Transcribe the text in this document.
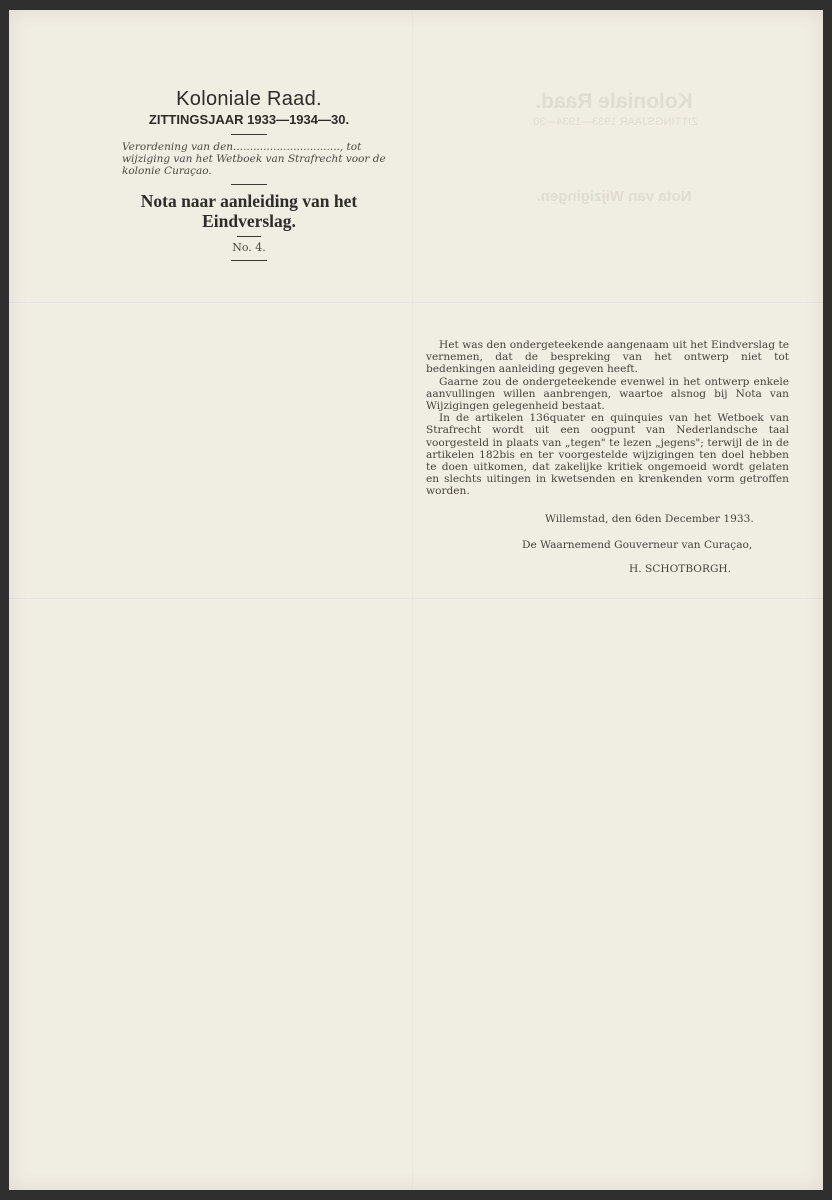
Koloniale Raad.
ZITTINGSJAAR 1933—1934—30.
Nota van Wijzigingen.
Koloniale Raad.
ZITTINGSJAAR 1933—1934—30.
Verordening van den................................, tot wijziging van het Wetboek van Strafrecht voor de kolonie Curaçao.
Nota naar aanleiding van het Eindverslag.
No. 4.

Het was den ondergeteekende aangenaam uit het Eindverslag te vernemen, dat de bespreking van het ontwerp niet tot bedenkingen aanleiding gegeven heeft.

Gaarne zou de ondergeteekende evenwel in het ontwerp enkele aanvullingen willen aanbrengen, waartoe alsnog bij Nota van Wijzigingen gelegenheid bestaat.

In de artikelen 136quater en quinquies van het Wetboek van Strafrecht wordt uit een oogpunt van Nederlandsche taal voorgesteld in plaats van „tegen" te lezen „jegens"; terwijl de in de artikelen 182bis en ter voorgestelde wijzigingen ten doel hebben te doen uitkomen, dat zakelijke kritiek ongemoeid wordt gelaten en slechts uitingen in kwetsenden en krenkenden vorm getroffen worden.

Willemstad, den 6den December 1933.
De Waarnemend Gouverneur van Curaçao,
H. SCHOTBORGH.
